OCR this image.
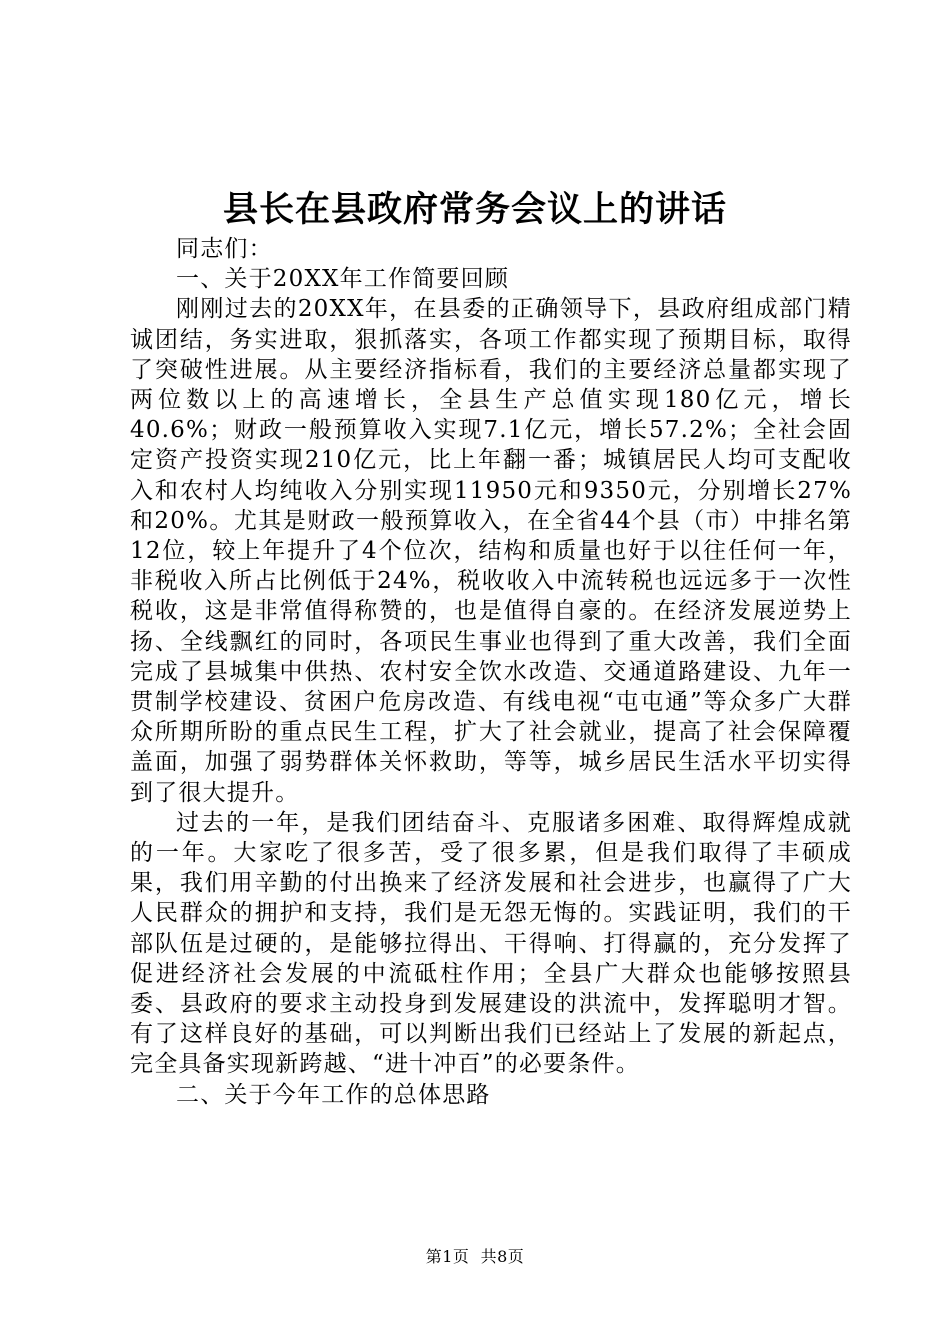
县长在县政府常务会议上的讲话

同志们：

一、关于20XX年工作简要回顾

刚刚过去的20XX年，在县委的正确领导下，县政府组成部门精诚团结，务实进取，狠抓落实，各项工作都实现了预期目标，取得了突破性进展。从主要经济指标看，我们的主要经济总量都实现了两位数以上的高速增长，全县生产总值实现180亿元，增长40.6%；财政一般预算收入实现7.1亿元，增长57.2%；全社会固定资产投资实现210亿元，比上年翻一番；城镇居民人均可支配收入和农村人均纯收入分别实现11950元和9350元，分别增长27%和20%。尤其是财政一般预算收入，在全省44个县（市）中排名第12位，较上年提升了4个位次，结构和质量也好于以往任何一年，非税收入所占比例低于24%，税收收入中流转税也远远多于一次性税收，这是非常值得称赞的，也是值得自豪的。在经济发展逆势上扬、全线飘红的同时，各项民生事业也得到了重大改善，我们全面完成了县城集中供热、农村安全饮水改造、交通道路建设、九年一贯制学校建设、贫困户危房改造、有线电视“屯屯通”等众多广大群众所期所盼的重点民生工程，扩大了社会就业，提高了社会保障覆盖面，加强了弱势群体关怀救助，等等，城乡居民生活水平切实得到了很大提升。

过去的一年，是我们团结奋斗、克服诸多困难、取得辉煌成就的一年。大家吃了很多苦，受了很多累，但是我们取得了丰硕成果，我们用辛勤的付出换来了经济发展和社会进步，也赢得了广大人民群众的拥护和支持，我们是无怨无悔的。实践证明，我们的干部队伍是过硬的，是能够拉得出、干得响、打得赢的，充分发挥了促进经济社会发展的中流砥柱作用；全县广大群众也能够按照县委、县政府的要求主动投身到发展建设的洪流中，发挥聪明才智。有了这样良好的基础，可以判断出我们已经站上了发展的新起点，完全具备实现新跨越、“进十冲百”的必要条件。

二、关于今年工作的总体思路

第1页 共8页
